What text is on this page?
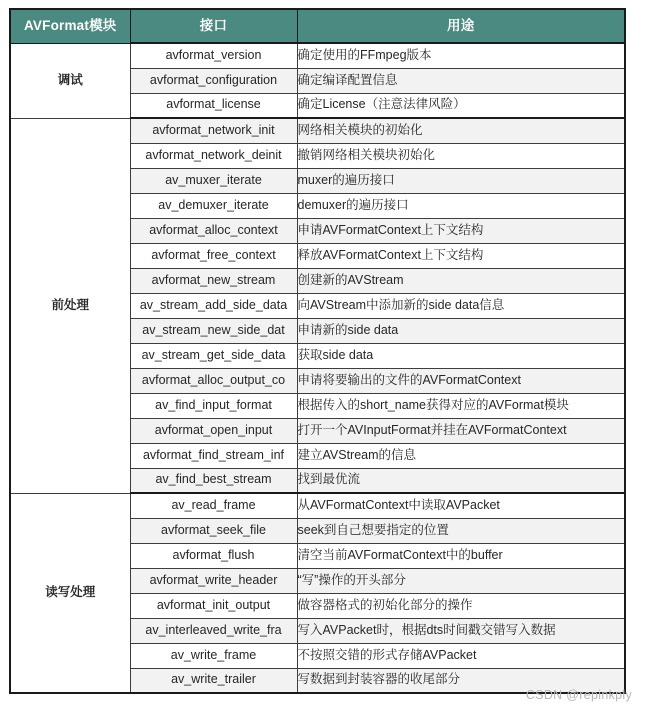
AVFormat模块	接口	用途
调试	avformat_version	确定使用的FFmpeg版本
	avformat_configuration	确定编译配置信息
	avformat_license	确定License（注意法律风险）
前处理	avformat_network_init	网络相关模块的初始化
	avformat_network_deinit	撤销网络相关模块初始化
	av_muxer_iterate	muxer的遍历接口
	av_demuxer_iterate	demuxer的遍历接口
	avformat_alloc_context	申请AVFormatContext上下文结构
	avformat_free_context	释放AVFormatContext上下文结构
	avformat_new_stream	创建新的AVStream
	av_stream_add_side_data	向AVStream中添加新的side data信息
	av_stream_new_side_dat	申请新的side data
	av_stream_get_side_data	获取side data
	avformat_alloc_output_co	申请将要输出的文件的AVFormatContext
	av_find_input_format	根据传入的short_name获得对应的AVFormat模块
	avformat_open_input	打开一个AVInputFormat并挂在AVFormatContext
	avformat_find_stream_inf	建立AVStream的信息
	av_find_best_stream	找到最优流
读写处理	av_read_frame	从AVFormatContext中读取AVPacket
	avformat_seek_file	seek到自己想要指定的位置
	avformat_flush	清空当前AVFormatContext中的buffer
	avformat_write_header	“写”操作的开头部分
	avformat_init_output	做容器格式的初始化部分的操作
	av_interleaved_write_fra	写入AVPacket时，根据dts时间戳交错写入数据
	av_write_frame	不按照交错的形式存储AVPacket
	av_write_trailer	写数据到封装容器的收尾部分
CSDN @repinkply
